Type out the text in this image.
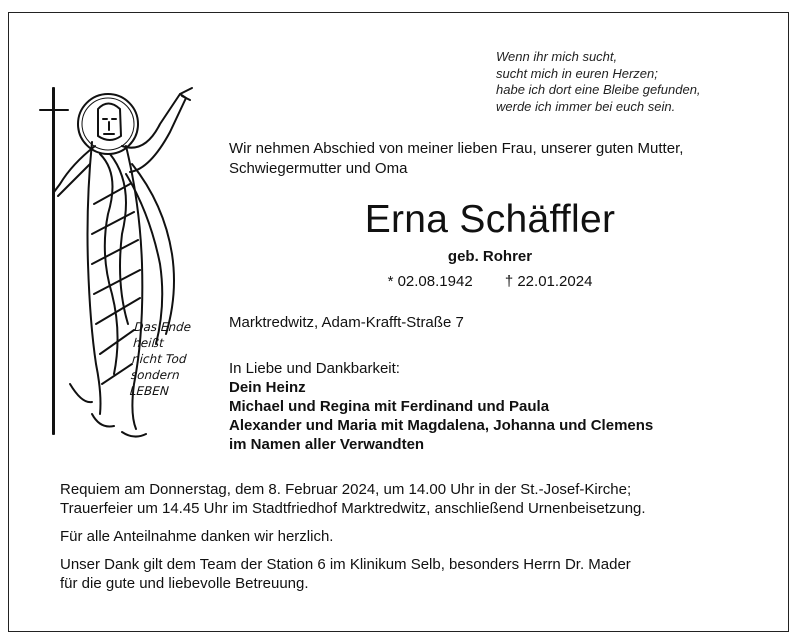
Das Ende
heißt
nicht Tod
sondern
LEBEN
Wenn ihr mich sucht,
sucht mich in euren Herzen;
habe ich dort eine Bleibe gefunden,
werde ich immer bei euch sein.
Wir nehmen Abschied von meiner lieben Frau, unserer guten Mutter,
Schwiegermutter und Oma
Erna Schäffler
geb. Rohrer
* 02.08.1942 † 22.01.2024
Marktredwitz, Adam-Krafft-Straße 7
In Liebe und Dankbarkeit:
Dein Heinz
Michael und Regina mit Ferdinand und Paula
Alexander und Maria mit Magdalena, Johanna und Clemens
im Namen aller Verwandten

Requiem am Donnerstag, dem 8. Februar 2024, um 14.00 Uhr in der St.-Josef-Kirche;
Trauerfeier um 14.45 Uhr im Stadtfriedhof Marktredwitz, anschließend Urnenbeisetzung.

Für alle Anteilnahme danken wir herzlich.

Unser Dank gilt dem Team der Station 6 im Klinikum Selb, besonders Herrn Dr. Mader
für die gute und liebevolle Betreuung.
